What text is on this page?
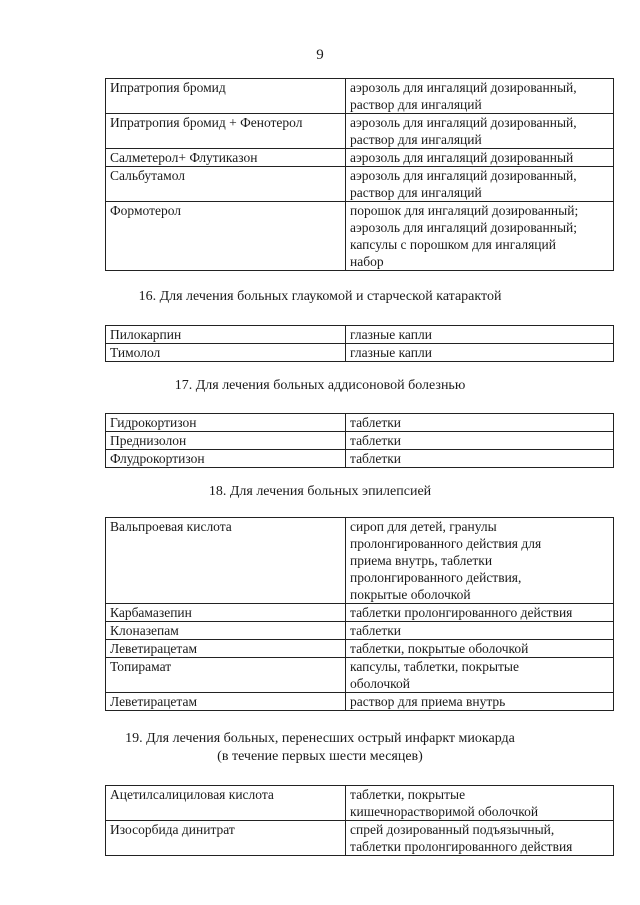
9
Ипратропия бромид	аэрозоль для ингаляций дозированный,
раствор для ингаляций

Ипратропия бромид + Фенотерол	аэрозоль для ингаляций дозированный,
раствор для ингаляций

Салметерол+ Флутиказон	аэрозоль для ингаляций дозированный

Сальбутамол	аэрозоль для ингаляций дозированный,
раствор для ингаляций

Формотерол	порошок для ингаляций дозированный;
аэрозоль для ингаляций дозированный;
капсулы с порошком для ингаляций
набор
16. Для лечения больных глаукомой и старческой катарактой
Пилокарпин	глазные капли

Тимолол	глазные капли
17. Для лечения больных аддисоновой болезнью
Гидрокортизон	таблетки

Преднизолон	таблетки

Флудрокортизон	таблетки
18. Для лечения больных эпилепсией
Вальпроевая кислота	сироп для детей, гранулы
пролонгированного действия для
приема внутрь, таблетки
пролонгированного действия,
покрытые оболочкой

Карбамазепин	таблетки пролонгированного действия

Клоназепам	таблетки

Леветирацетам	таблетки, покрытые оболочкой

Топирамат	капсулы, таблетки, покрытые
оболочкой

Леветирацетам	раствор для приема внутрь
19. Для лечения больных, перенесших острый инфаркт миокарда
(в течение первых шести месяцев)
Ацетилсалициловая кислота	таблетки, покрытые
кишечнорастворимой оболочкой

Изосорбида динитрат	спрей дозированный подъязычный,
таблетки пролонгированного действия
